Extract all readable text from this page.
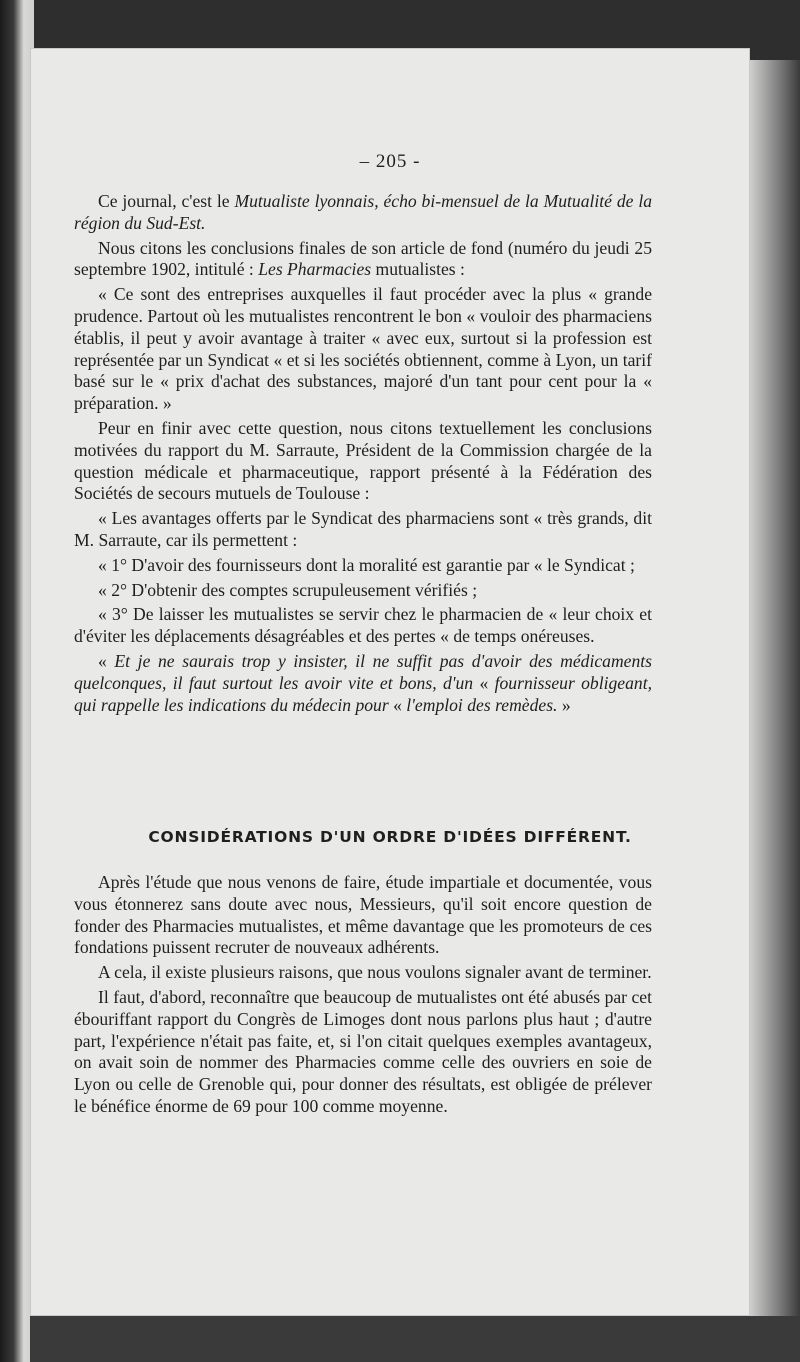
– 205 -

Ce journal, c'est le Mutualiste lyonnais, écho bi-mensuel de la Mutualité de la région du Sud-Est.

Nous citons les conclusions finales de son article de fond (numéro du jeudi 25 septembre 1902, intitulé : Les Pharmacies mutualistes :

« Ce sont des entreprises auxquelles il faut procéder avec la plus « grande prudence. Partout où les mutualistes rencontrent le bon « vouloir des pharmaciens établis, il peut y avoir avantage à traiter « avec eux, surtout si la profession est représentée par un Syndicat « et si les sociétés obtiennent, comme à Lyon, un tarif basé sur le « prix d'achat des substances, majoré d'un tant pour cent pour la « préparation. »

Peur en finir avec cette question, nous citons textuellement les conclusions motivées du rapport du M. Sarraute, Président de la Commission chargée de la question médicale et pharmaceutique, rapport présenté à la Fédération des Sociétés de secours mutuels de Toulouse :

« Les avantages offerts par le Syndicat des pharmaciens sont « très grands, dit M. Sarraute, car ils permettent :

« 1° D'avoir des fournisseurs dont la moralité est garantie par « le Syndicat ;

« 2° D'obtenir des comptes scrupuleusement vérifiés ;

« 3° De laisser les mutualistes se servir chez le pharmacien de « leur choix et d'éviter les déplacements désagréables et des pertes « de temps onéreuses.

« Et je ne saurais trop y insister, il ne suffit pas d'avoir des médicaments quelconques, il faut surtout les avoir vite et bons, d'un « fournisseur obligeant, qui rappelle les indications du médecin pour « l'emploi des remèdes. »

CONSIDÉRATIONS D'UN ORDRE D'IDÉES DIFFÉRENT.

Après l'étude que nous venons de faire, étude impartiale et documentée, vous vous étonnerez sans doute avec nous, Messieurs, qu'il soit encore question de fonder des Pharmacies mutualistes, et même davantage que les promoteurs de ces fondations puissent recruter de nouveaux adhérents.

A cela, il existe plusieurs raisons, que nous voulons signaler avant de terminer.

Il faut, d'abord, reconnaître que beaucoup de mutualistes ont été abusés par cet ébouriffant rapport du Congrès de Limoges dont nous parlons plus haut ; d'autre part, l'expérience n'était pas faite, et, si l'on citait quelques exemples avantageux, on avait soin de nommer des Pharmacies comme celle des ouvriers en soie de Lyon ou celle de Grenoble qui, pour donner des résultats, est obligée de prélever le bénéfice énorme de 69 pour 100 comme moyenne.
